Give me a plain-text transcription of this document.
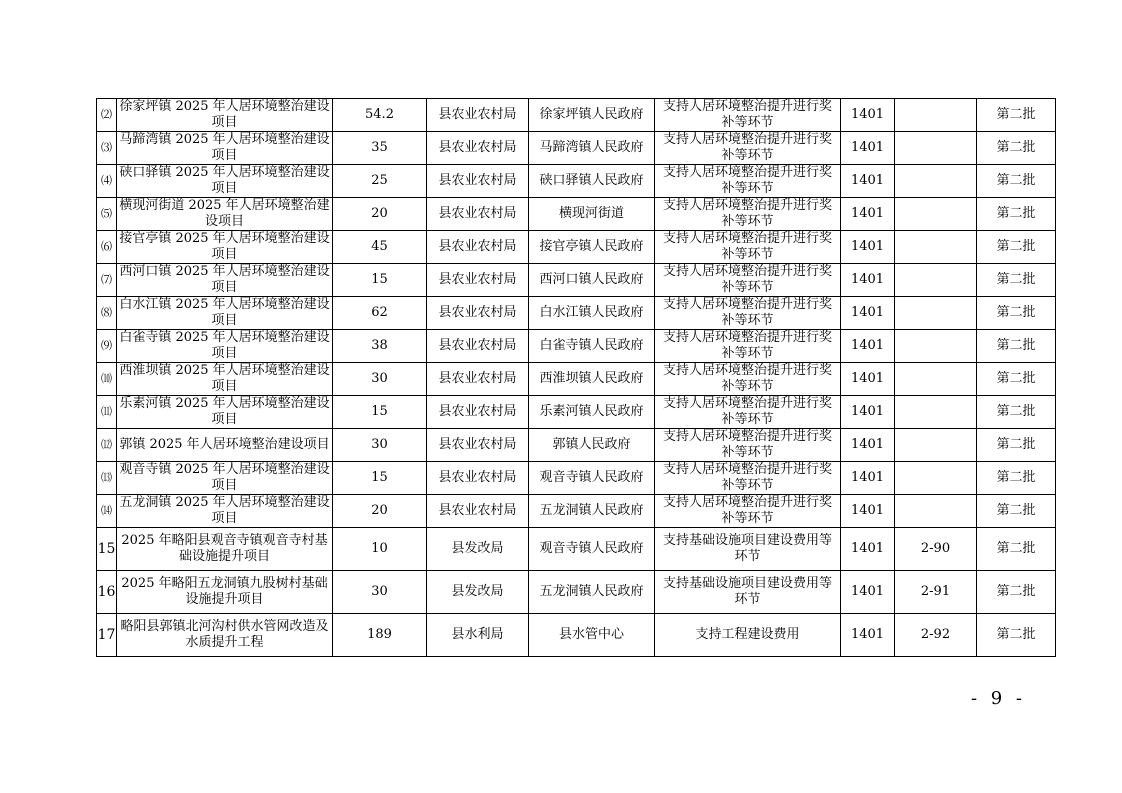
⑵	徐家坪镇 2025 年人居环境整治建设项目	54.2	县农业农村局	徐家坪镇人民政府	支持人居环境整治提升进行奖补等环节	1401		第二批
⑶	马蹄湾镇 2025 年人居环境整治建设项目	35	县农业农村局	马蹄湾镇人民政府	支持人居环境整治提升进行奖补等环节	1401		第二批
⑷	硖口驿镇 2025 年人居环境整治建设项目	25	县农业农村局	硖口驿镇人民政府	支持人居环境整治提升进行奖补等环节	1401		第二批
⑸	横现河街道 2025 年人居环境整治建设项目	20	县农业农村局	横现河街道	支持人居环境整治提升进行奖补等环节	1401		第二批
⑹	接官亭镇 2025 年人居环境整治建设项目	45	县农业农村局	接官亭镇人民政府	支持人居环境整治提升进行奖补等环节	1401		第二批
⑺	西河口镇 2025 年人居环境整治建设项目	15	县农业农村局	西河口镇人民政府	支持人居环境整治提升进行奖补等环节	1401		第二批
⑻	白水江镇 2025 年人居环境整治建设项目	62	县农业农村局	白水江镇人民政府	支持人居环境整治提升进行奖补等环节	1401		第二批
⑼	白雀寺镇 2025 年人居环境整治建设项目	38	县农业农村局	白雀寺镇人民政府	支持人居环境整治提升进行奖补等环节	1401		第二批
⑽	西淮坝镇 2025 年人居环境整治建设项目	30	县农业农村局	西淮坝镇人民政府	支持人居环境整治提升进行奖补等环节	1401		第二批
⑾	乐素河镇 2025 年人居环境整治建设项目	15	县农业农村局	乐素河镇人民政府	支持人居环境整治提升进行奖补等环节	1401		第二批
⑿	郭镇 2025 年人居环境整治建设项目	30	县农业农村局	郭镇人民政府	支持人居环境整治提升进行奖补等环节	1401		第二批
⒀	观音寺镇 2025 年人居环境整治建设项目	15	县农业农村局	观音寺镇人民政府	支持人居环境整治提升进行奖补等环节	1401		第二批
⒁	五龙洞镇 2025 年人居环境整治建设项目	20	县农业农村局	五龙洞镇人民政府	支持人居环境整治提升进行奖补等环节	1401		第二批
15	2025 年略阳县观音寺镇观音寺村基础设施提升项目	10	县发改局	观音寺镇人民政府	支持基础设施项目建设费用等环节	1401	2-90	第二批
16	2025 年略阳五龙洞镇九股树村基础设施提升项目	30	县发改局	五龙洞镇人民政府	支持基础设施项目建设费用等环节	1401	2-91	第二批
17	略阳县郭镇北河沟村供水管网改造及水质提升工程	189	县水利局	县水管中心	支持工程建设费用	1401	2-92	第二批
- 9 -
